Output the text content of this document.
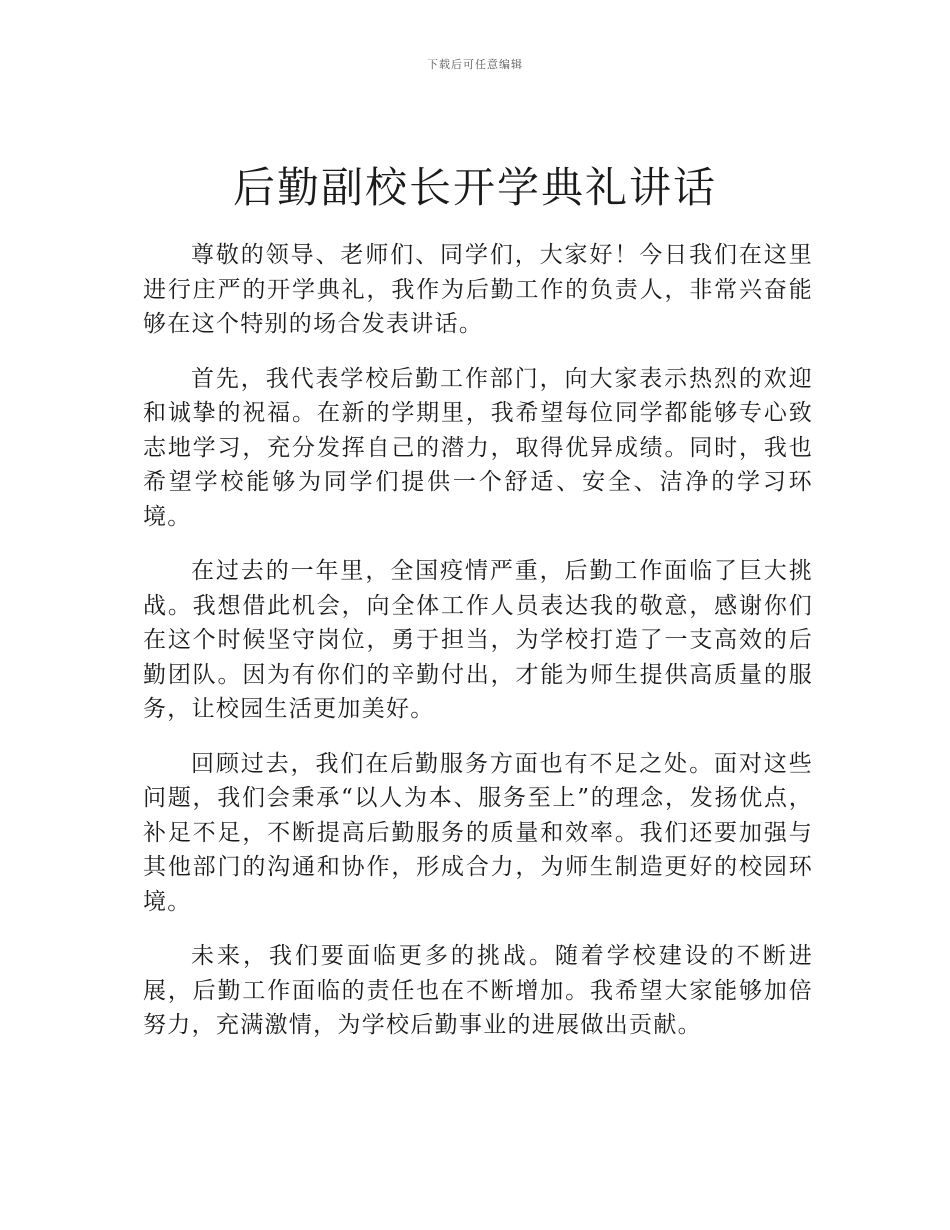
下载后可任意编辑
后勤副校长开学典礼讲话

尊敬的领导、老师们、同学们，大家好！今日我们在这里进行庄严的开学典礼，我作为后勤工作的负责人，非常兴奋能够在这个特别的场合发表讲话。

首先，我代表学校后勤工作部门，向大家表示热烈的欢迎和诚挚的祝福。在新的学期里，我希望每位同学都能够专心致志地学习，充分发挥自己的潜力，取得优异成绩。同时，我也希望学校能够为同学们提供一个舒适、安全、洁净的学习环境。

在过去的一年里，全国疫情严重，后勤工作面临了巨大挑战。我想借此机会，向全体工作人员表达我的敬意，感谢你们在这个时候坚守岗位，勇于担当，为学校打造了一支高效的后勤团队。因为有你们的辛勤付出，才能为师生提供高质量的服务，让校园生活更加美好。

回顾过去，我们在后勤服务方面也有不足之处。面对这些问题，我们会秉承“以人为本、服务至上”的理念，发扬优点，补足不足，不断提高后勤服务的质量和效率。我们还要加强与其他部门的沟通和协作，形成合力，为师生制造更好的校园环境。

未来，我们要面临更多的挑战。随着学校建设的不断进展，后勤工作面临的责任也在不断增加。我希望大家能够加倍努力，充满激情，为学校后勤事业的进展做出贡献。
